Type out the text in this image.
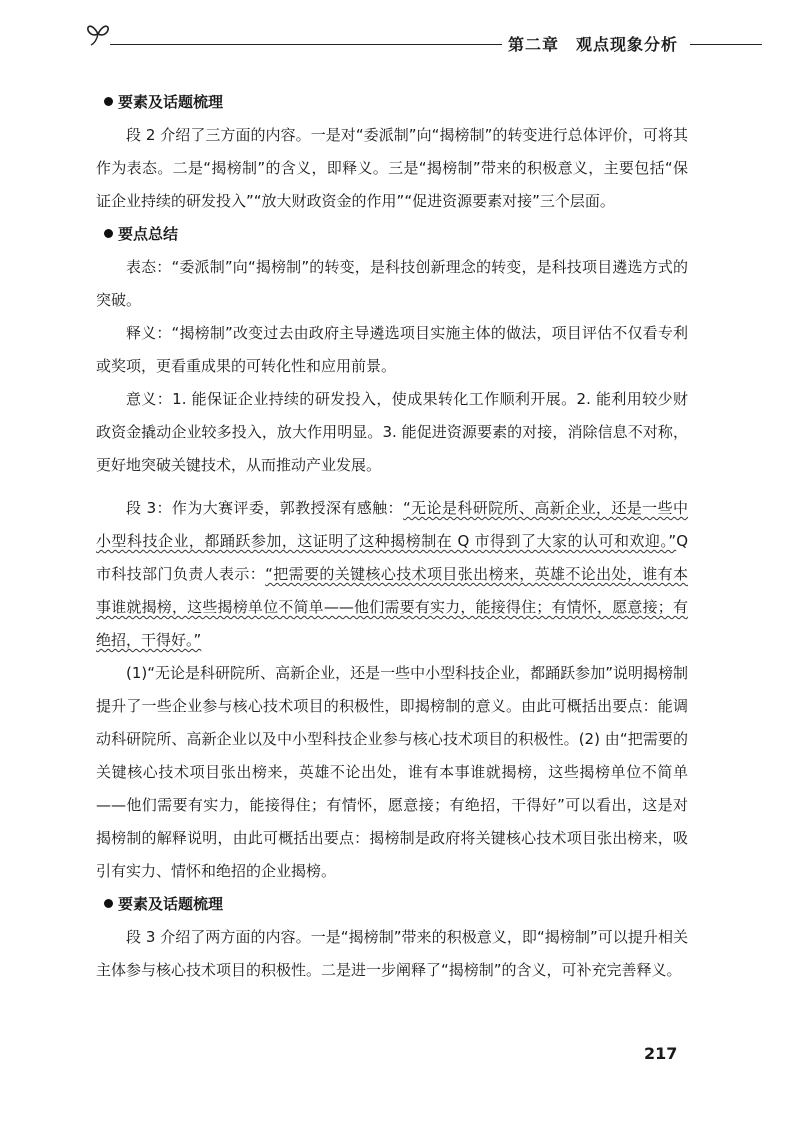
第二章　观点现象分析

要素及话题梳理

段 2 介绍了三方面的内容。一是对“委派制”向“揭榜制”的转变进行总体评价，可将其作为表态。二是“揭榜制”的含义，即释义。三是“揭榜制”带来的积极意义，主要包括“保证企业持续的研发投入”“放大财政资金的作用”“促进资源要素对接”三个层面。

要点总结

表态：“委派制”向“揭榜制”的转变，是科技创新理念的转变，是科技项目遴选方式的突破。

释义：“揭榜制”改变过去由政府主导遴选项目实施主体的做法，项目评估不仅看专利或奖项，更看重成果的可转化性和应用前景。

意义：1. 能保证企业持续的研发投入，使成果转化工作顺利开展。2. 能利用较少财政资金撬动企业较多投入，放大作用明显。3. 能促进资源要素的对接，消除信息不对称，更好地突破关键技术，从而推动产业发展。

段 3：作为大赛评委，郭教授深有感触：“无论是科研院所、高新企业，还是一些中小型科技企业，都踊跃参加，这证明了这种揭榜制在 Q 市得到了大家的认可和欢迎。”Q 市科技部门负责人表示：“把需要的关键核心技术项目张出榜来，英雄不论出处，谁有本事谁就揭榜，这些揭榜单位不简单——他们需要有实力，能接得住；有情怀，愿意接；有绝招，干得好。”

(1)“无论是科研院所、高新企业，还是一些中小型科技企业，都踊跃参加”说明揭榜制提升了一些企业参与核心技术项目的积极性，即揭榜制的意义。由此可概括出要点：能调动科研院所、高新企业以及中小型科技企业参与核心技术项目的积极性。(2) 由“把需要的关键核心技术项目张出榜来，英雄不论出处，谁有本事谁就揭榜，这些揭榜单位不简单——他们需要有实力，能接得住；有情怀，愿意接；有绝招，干得好”可以看出，这是对揭榜制的解释说明，由此可概括出要点：揭榜制是政府将关键核心技术项目张出榜来，吸引有实力、情怀和绝招的企业揭榜。

要素及话题梳理

段 3 介绍了两方面的内容。一是“揭榜制”带来的积极意义，即“揭榜制”可以提升相关主体参与核心技术项目的积极性。二是进一步阐释了“揭榜制”的含义，可补充完善释义。

217
